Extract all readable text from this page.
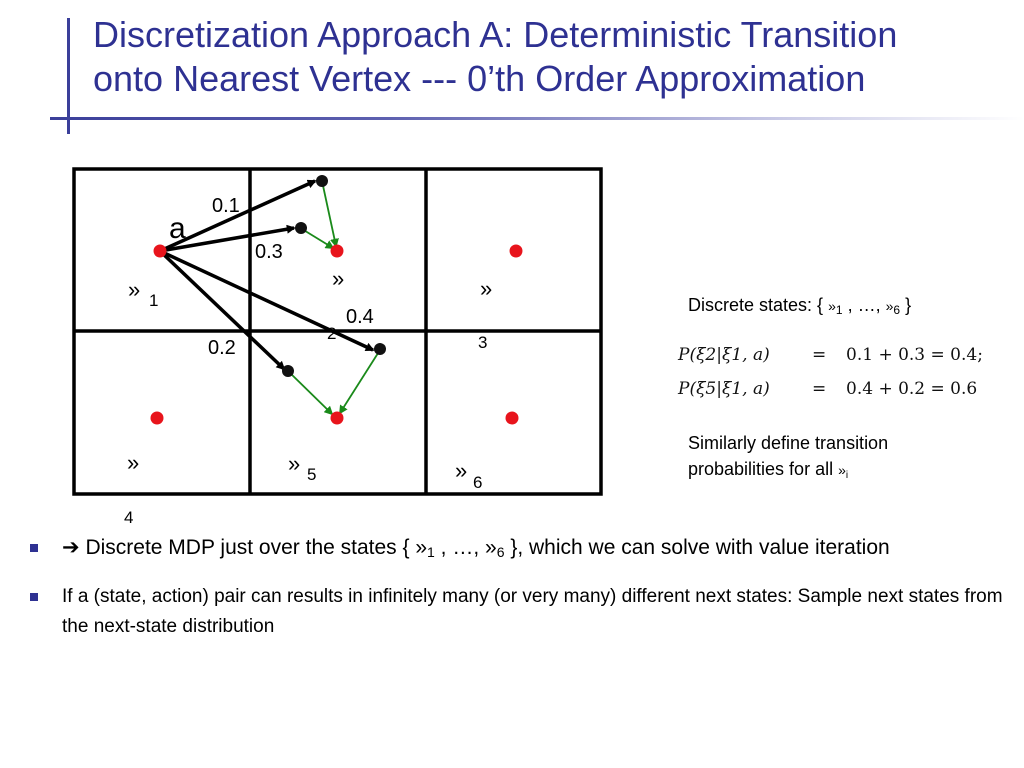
Discretization Approach A: Deterministic Transition
onto Nearest Vertex --- 0’th Order Approximation
a
0.1
0.3
0.4
0.2
» 1
»
2
»
3
»
4
» 5	» 6
Discrete states: { $»_1$ , …, $»_6$ }
P(ξ2|ξ1, a) = 0.1 + 0.3 = 0.4;
P(ξ5|ξ1, a) = 0.4 + 0.2 = 0.6
Similarly define transition
probabilities for all $»_i$
➔ Discrete MDP just over the states { $»_1$ , …, $»_6$ }, which we can solve with value iteration
If a (state, action) pair can results in infinitely many (or very many) different next states: Sample next states from the next-state distribution
